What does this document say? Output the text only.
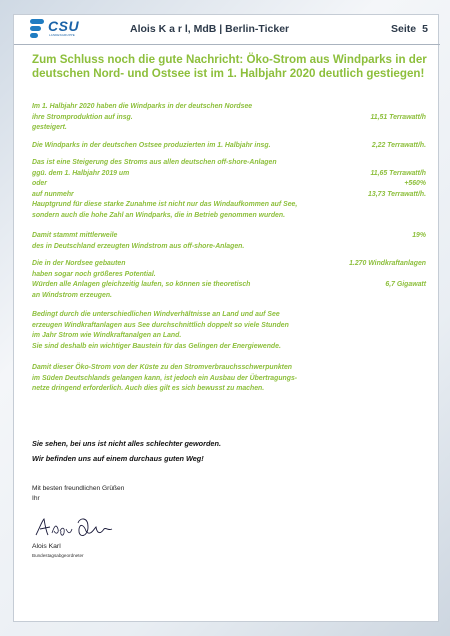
CSU
LANDESGRUPPE	Alois K a r l, MdB | Berlin-Ticker	Seite 5
Zum Schluss noch die gute Nachricht: Öko-Strom aus Windparks in der deutschen Nord- und Ostsee ist im 1. Halbjahr 2020 deutlich gestiegen!
Im 1. Halbjahr 2020 haben die Windparks in der deutschen Nordsee
ihre Stromproduktion auf insg.	11,51 Terrawatt/h
gesteigert.
Die Windparks in der deutschen Ostsee produzierten im 1. Halbjahr insg.	2,22 Terrawatt/h.
Das ist eine Steigerung des Stroms aus allen deutschen off-shore-Anlagen
ggü. dem 1. Halbjahr 2019 um	11,65 Terrawatt/h
oder	+560%
auf nunmehr	13,73 Terrawatt/h.
Hauptgrund für diese starke Zunahme ist nicht nur das Windaufkommen auf See,
sondern auch die hohe Zahl an Windparks, die in Betrieb genommen wurden.
Damit stammt mittlerweile	19%
des in Deutschland erzeugten Windstrom aus off-shore-Anlagen.
Die in der Nordsee gebauten	1.270 Windkraftanlagen
haben sogar noch größeres Potential.
Würden alle Anlagen gleichzeitig laufen, so können sie theoretisch	6,7 Gigawatt
an Windstrom erzeugen.
Bedingt durch die unterschiedlichen Windverhältnisse an Land und auf See
erzeugen Windkraftanlagen aus See durchschnittlich doppelt so viele Stunden
im Jahr Strom wie Windkraftanalgen an Land.
Sie sind deshalb ein wichtiger Baustein für das Gelingen der Energiewende.
Damit dieser Öko-Strom von der Küste zu den Stromverbrauchsschwerpunkten
im Süden Deutschlands gelangen kann, ist jedoch ein Ausbau der Übertragungs-
netze dringend erforderlich. Auch dies gilt es sich bewusst zu machen.
Sie sehen, bei uns ist nicht alles schlechter geworden.
Wir befinden uns auf einem durchaus guten Weg!
Mit besten freundlichen Grüßen
Ihr
Alois Karl
Bundestagsabgeordneter
